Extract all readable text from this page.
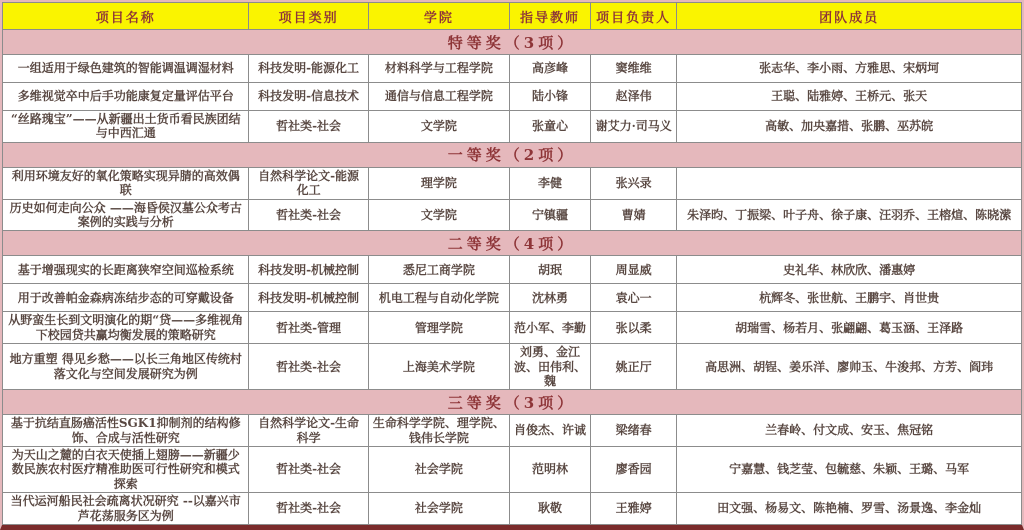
项目名称	项目类别	学院	指导教师	项目负责人	团队成员
特等奖（3项）					
一组适用于绿色建筑的智能调温调湿材料	科技发明-能源化工	材料科学与工程学院	高彦峰	窦维维	张志华、李小雨、方雅思、宋炳坷
多维视觉卒中后手功能康复定量评估平台	科技发明-信息技术	通信与信息工程学院	陆小锋	赵泽伟	王聪、陆雅婷、王桥元、张天
“丝路瑰宝”——从新疆出土货币看民族团结与中西汇通	哲社类-社会	文学院	张童心	谢艾力·司马义	高敏、加央嘉措、张鹏、巫苏皖
一等奖（2项）					
利用环境友好的氧化策略实现异腈的高效偶联	自然科学论文-能源化工	理学院	李健	张兴录	
历史如何走向公众 ——海昏侯汉墓公众考古案例的实践与分析	哲社类-社会	文学院	宁镇疆	曹婧	朱泽昀、丁振梁、叶子舟、徐子康、汪羽乔、王榕煊、陈晓潆
二等奖（4项）					
基于增强现实的长距离狭窄空间巡检系统	科技发明-机械控制	悉尼工商学院	胡珉	周显威	史礼华、林欣欣、潘惠婷
用于改善帕金森病冻结步态的可穿戴设备	科技发明-机械控制	机电工程与自动化学院	沈林勇	袁心一	杭辉冬、张世航、王鹏宇、肖世贵
从野蛮生长到文明演化的期“贷——多维视角下校园贷共赢均衡发展的策略研究	哲社类-管理	管理学院	范小军、李勤	张以柔	胡瑞雪、杨若月、张翩翩、葛玉涵、王泽路
地方重塑 得见乡愁——以长三角地区传统村落文化与空间发展研究为例	哲社类-社会	上海美术学院	刘勇、金江波、田伟利、魏	姚正厅	高思洲、胡锃、姜乐洋、廖帅玉、牛浚邦、方芳、阎玮
三等奖（3项）					
基于抗结直肠癌活性SGK1抑制剂的结构修饰、合成与活性研究	自然科学论文-生命科学	生命科学学院、理学院、钱伟长学院	肖俊杰、许诚	梁绪春	兰春岭、付文成、安玉、焦冠铭
为天山之麓的白衣天使插上翅膀——新疆少数民族农村医疗精准助医可行性研究和模式探索	哲社类-社会	社会学院	范明林	廖香园	宁嘉慧、钱芝莹、包毓慈、朱颖、王璐、马军
当代运河船民社会疏离状况研究 --以嘉兴市芦花荡服务区为例	哲社类-社会	社会学院	耿敬	王雅婷	田文强、杨易文、陈艳楠、罗雪、汤景逸、李金灿
